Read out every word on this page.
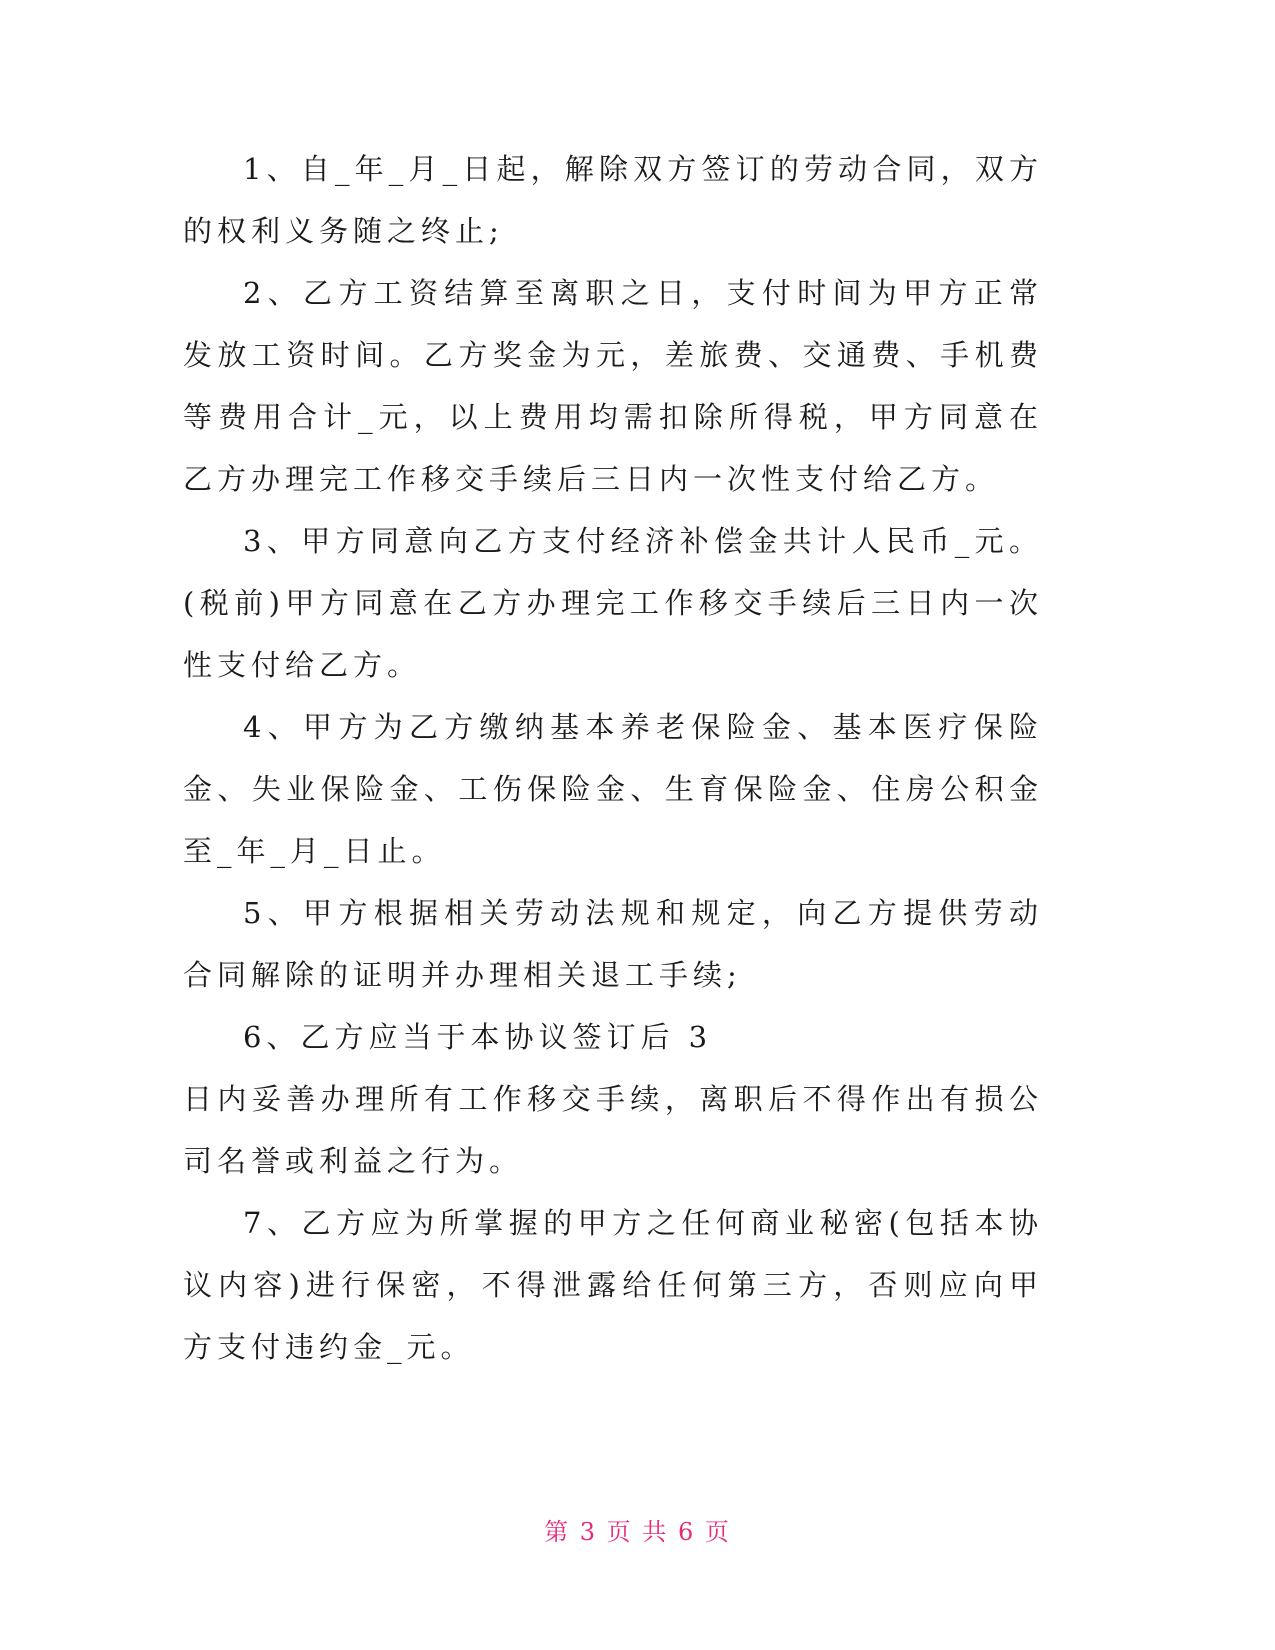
1、自_年_月_日起，解除双方签订的劳动合同，双方的权利义务随之终止;

2、乙方工资结算至离职之日，支付时间为甲方正常发放工资时间。乙方奖金为元，差旅费、交通费、手机费等费用合计_元，以上费用均需扣除所得税，甲方同意在乙方办理完工作移交手续后三日内一次性支付给乙方。

3、甲方同意向乙方支付经济补偿金共计人民币_元。(税前)甲方同意在乙方办理完工作移交手续后三日内一次性支付给乙方。

4、甲方为乙方缴纳基本养老保险金、基本医疗保险金、失业保险金、工伤保险金、生育保险金、住房公积金至_年_月_日止。

5、甲方根据相关劳动法规和规定，向乙方提供劳动合同解除的证明并办理相关退工手续;

6、乙方应当于本协议签订后 3

日内妥善办理所有工作移交手续，离职后不得作出有损公司名誉或利益之行为。

7、乙方应为所掌握的甲方之任何商业秘密(包括本协议内容)进行保密，不得泄露给任何第三方，否则应向甲方支付违约金_元。

第 3 页 共 6 页
